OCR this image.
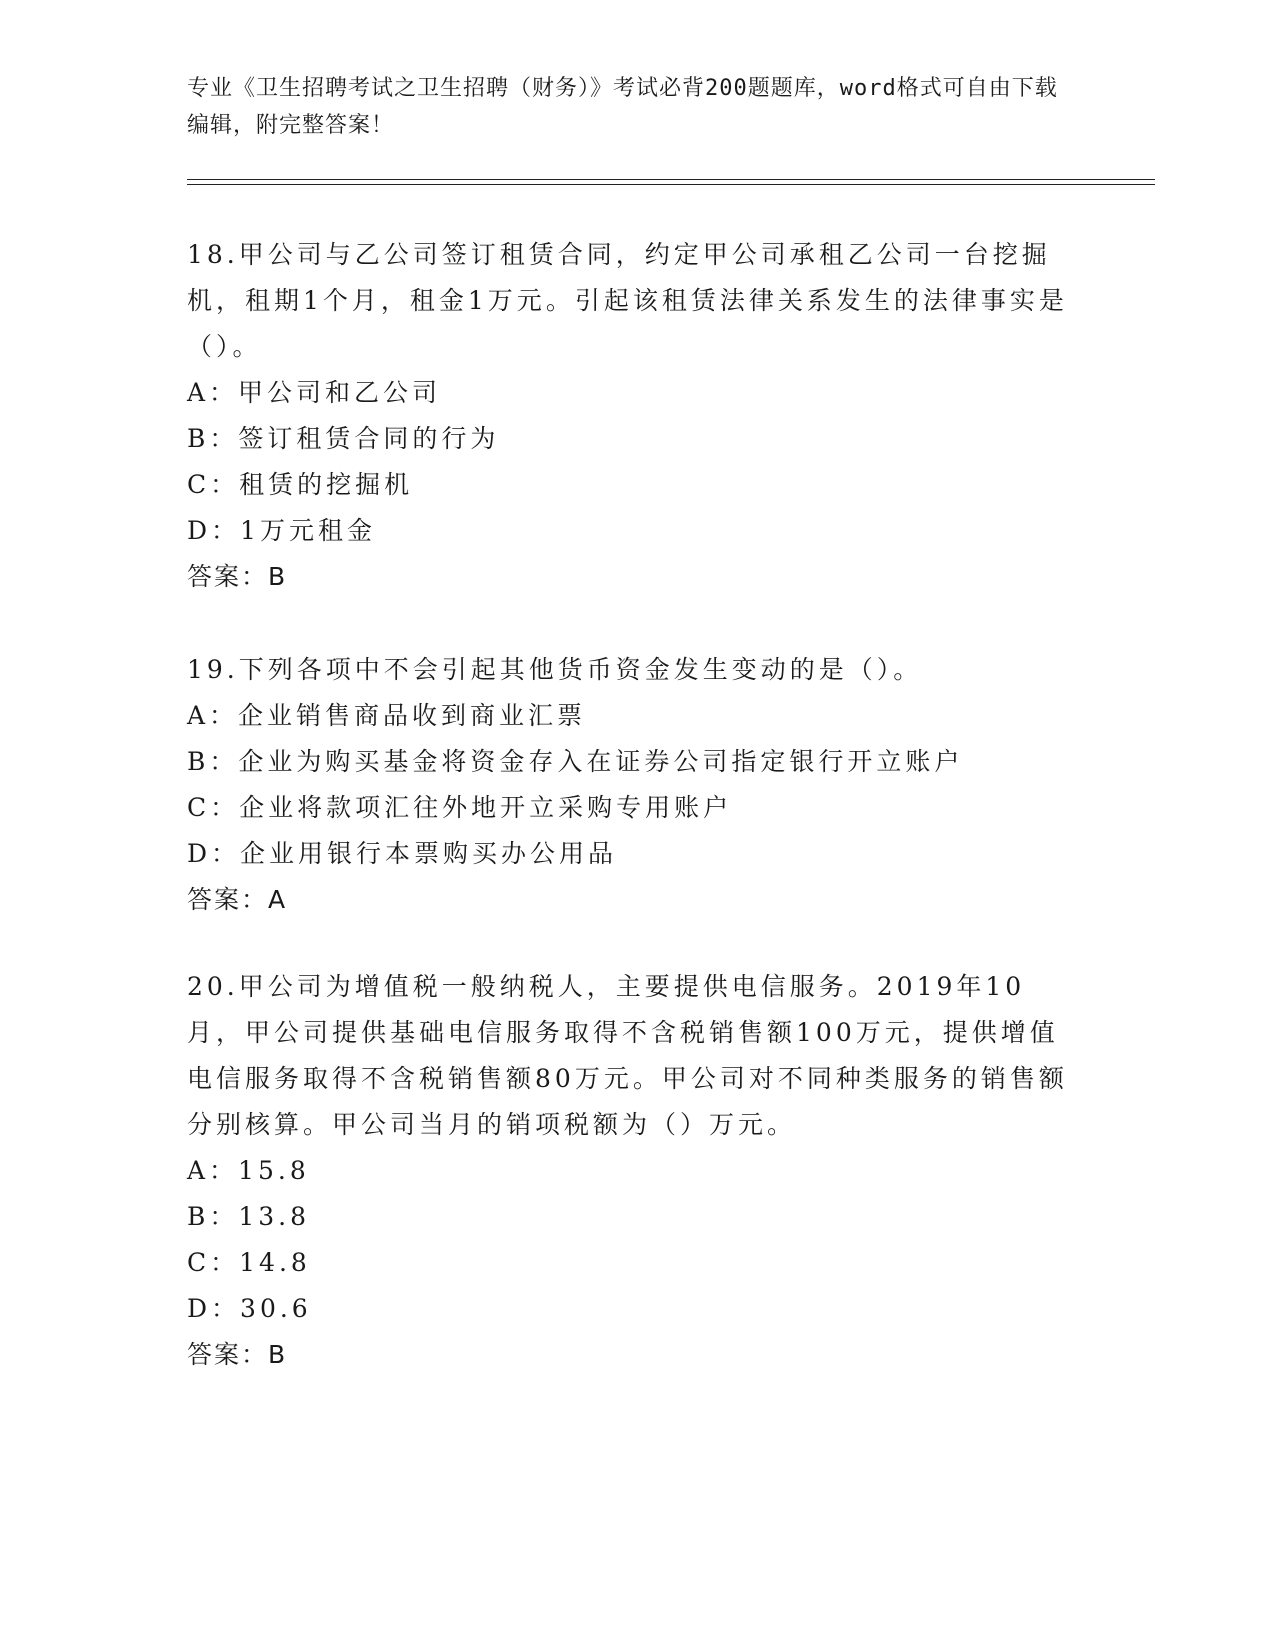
专业《卫生招聘考试之卫生招聘（财务）》考试必背200题题库，word格式可自由下载编辑，附完整答案！
18.甲公司与乙公司签订租赁合同，约定甲公司承租乙公司一台挖掘机，租期1个月，租金1万元。引起该租赁法律关系发生的法律事实是（）。
A：甲公司和乙公司
B：签订租赁合同的行为
C：租赁的挖掘机
D：1万元租金
答案：B
19.下列各项中不会引起其他货币资金发生变动的是（）。
A：企业销售商品收到商业汇票
B：企业为购买基金将资金存入在证券公司指定银行开立账户
C：企业将款项汇往外地开立采购专用账户
D：企业用银行本票购买办公用品
答案：A
20.甲公司为增值税一般纳税人，主要提供电信服务。2019年10月，甲公司提供基础电信服务取得不含税销售额100万元，提供增值电信服务取得不含税销售额80万元。甲公司对不同种类服务的销售额分别核算。甲公司当月的销项税额为（）万元。
A：15.8
B：13.8
C：14.8
D：30.6
答案：B
